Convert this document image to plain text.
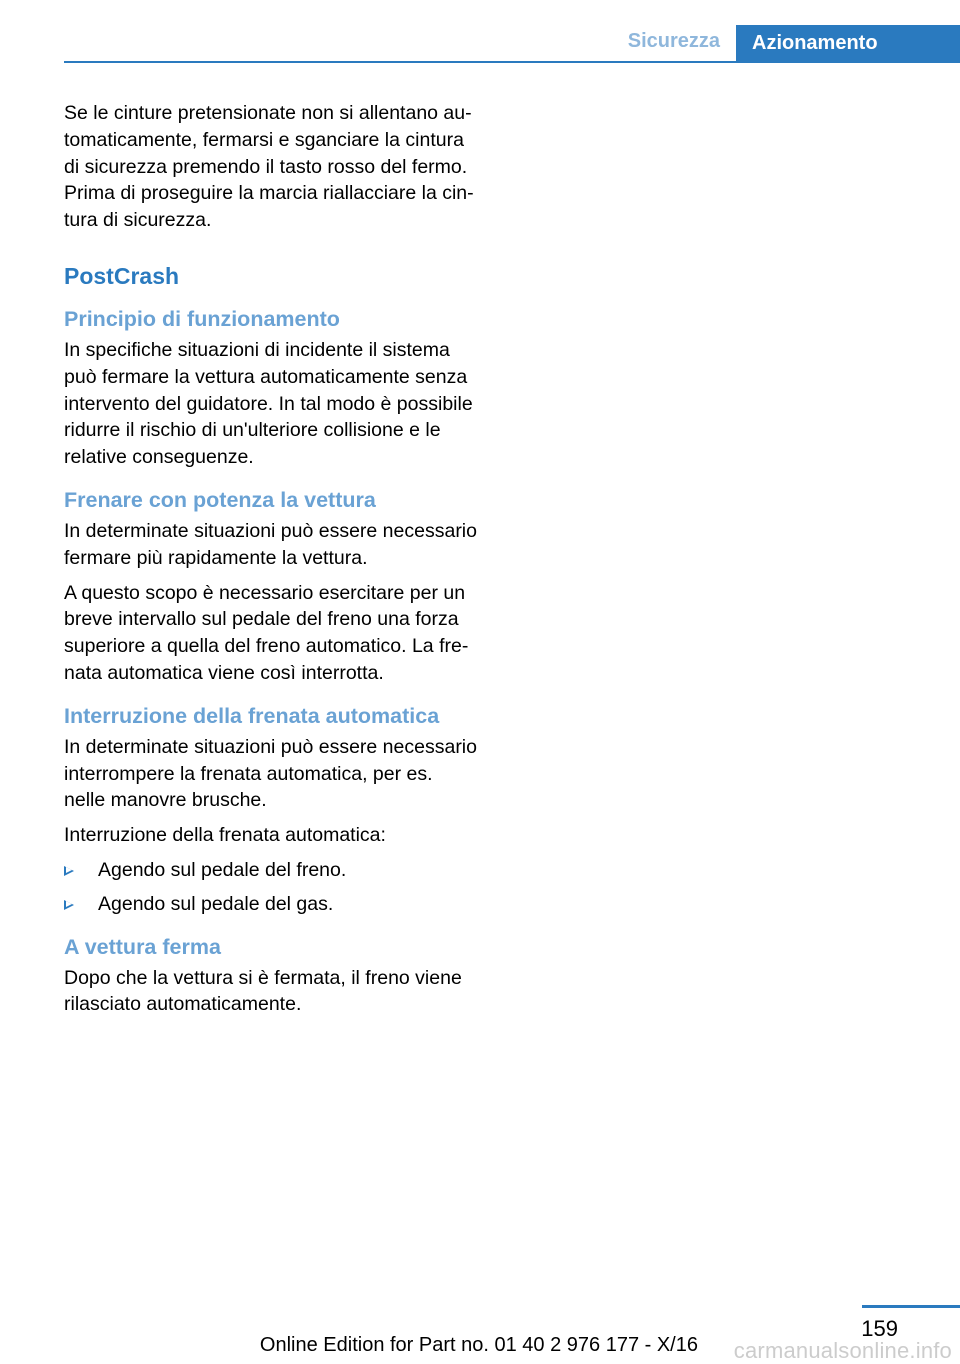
Sicurezza	Azionamento

Se le cinture pretensionate non si allentano automaticamente, fermarsi e sganciare la cintura di sicurezza premendo il tasto rosso del fermo. Prima di proseguire la marcia riallacciare la cintura di sicurezza.

PostCrash
Principio di funzionamento

In specifiche situazioni di incidente il sistema può fermare la vettura automaticamente senza intervento del guidatore. In tal modo è possibile ridurre il rischio di un'ulteriore collisione e le relative conseguenze.

Frenare con potenza la vettura

In determinate situazioni può essere necessario fermare più rapidamente la vettura.

A questo scopo è necessario esercitare per un breve intervallo sul pedale del freno una forza superiore a quella del freno automatico. La frenata automatica viene così interrotta.

Interruzione della frenata automatica

In determinate situazioni può essere necessario interrompere la frenata automatica, per es. nelle manovre brusche.

Interruzione della frenata automatica:

Agendo sul pedale del freno.
Agendo sul pedale del gas.
A vettura ferma

Dopo che la vettura si è fermata, il freno viene rilasciato automaticamente.

159
Online Edition for Part no. 01 40 2 976 177 - X/16 carmanualsonline.info
